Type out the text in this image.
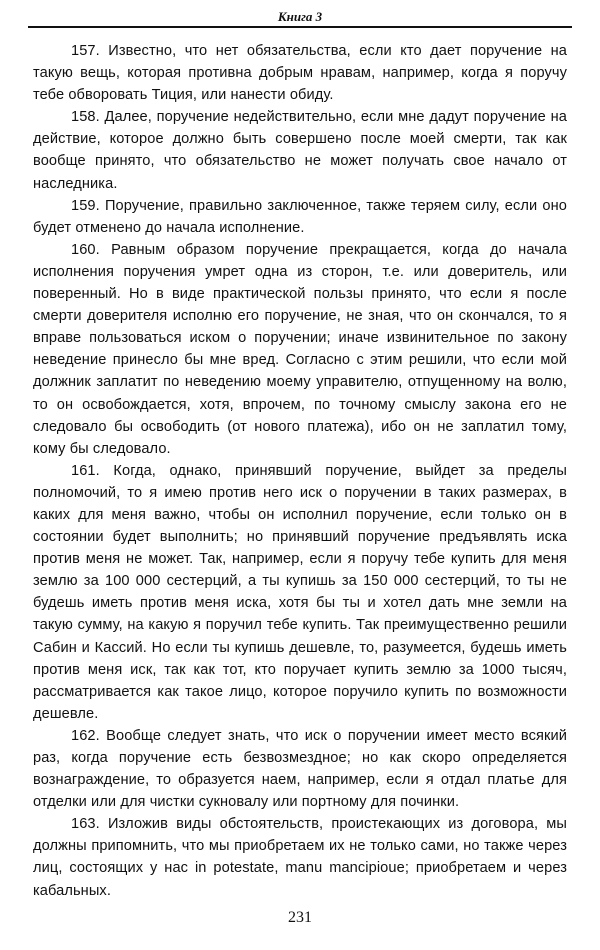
Книга 3

157. Известно, что нет обязательства, если кто дает поручение на такую вещь, которая противна добрым нравам, например, когда я поручу тебе обворовать Тиция, или нанести обиду.

158. Далее, поручение недействительно, если мне дадут поручение на действие, которое должно быть совершено после моей смерти, так как вообще принято, что обязательство не может получать свое начало от наследника.

159. Поручение, правильно заключенное, также теряем силу, если оно будет отменено до начала исполнение.

160. Равным образом поручение прекращается, когда до начала исполнения поручения умрет одна из сторон, т.е. или доверитель, или поверенный. Но в виде практической пользы принято, что если я после смерти доверителя исполню его поручение, не зная, что он скончался, то я вправе пользоваться иском о поручении; иначе извинительное по закону неведение принесло бы мне вред. Согласно с этим решили, что если мой должник заплатит по неведению моему управителю, отпущенному на волю, то он освобождается, хотя, впрочем, по точному смыслу закона его не следовало бы освободить (от нового платежа), ибо он не заплатил тому, кому бы следовало.

161. Когда, однако, принявший поручение, выйдет за пределы полномочий, то я имею против него иск о поручении в таких размерах, в каких для меня важно, чтобы он исполнил поручение, если только он в состоянии будет выполнить; но принявший поручение предъявлять иска против меня не может. Так, например, если я поручу тебе купить для меня землю за 100 000 сестерций, а ты купишь за 150 000 сестерций, то ты не будешь иметь против меня иска, хотя бы ты и хотел дать мне земли на такую сумму, на какую я поручил тебе купить. Так преимущественно решили Сабин и Кассий. Но если ты купишь дешевле, то, разумеется, будешь иметь против меня иск, так как тот, кто поручает купить землю за 1000 тысяч, рассматривается как такое лицо, которое поручило купить по возможности дешевле.

162. Вообще следует знать, что иск о поручении имеет место всякий раз, когда поручение есть безвозмездное; но как скоро определяется вознаграждение, то образуется наем, например, если я отдал платье для отделки или для чистки сукновалу или портному для починки.

163. Изложив виды обстоятельств, проистекающих из договора, мы должны припомнить, что мы приобретаем их не только сами, но также через лиц, состоящих у нас in potestate, manu mancipioue; приобретаем и через кабальных.

231
